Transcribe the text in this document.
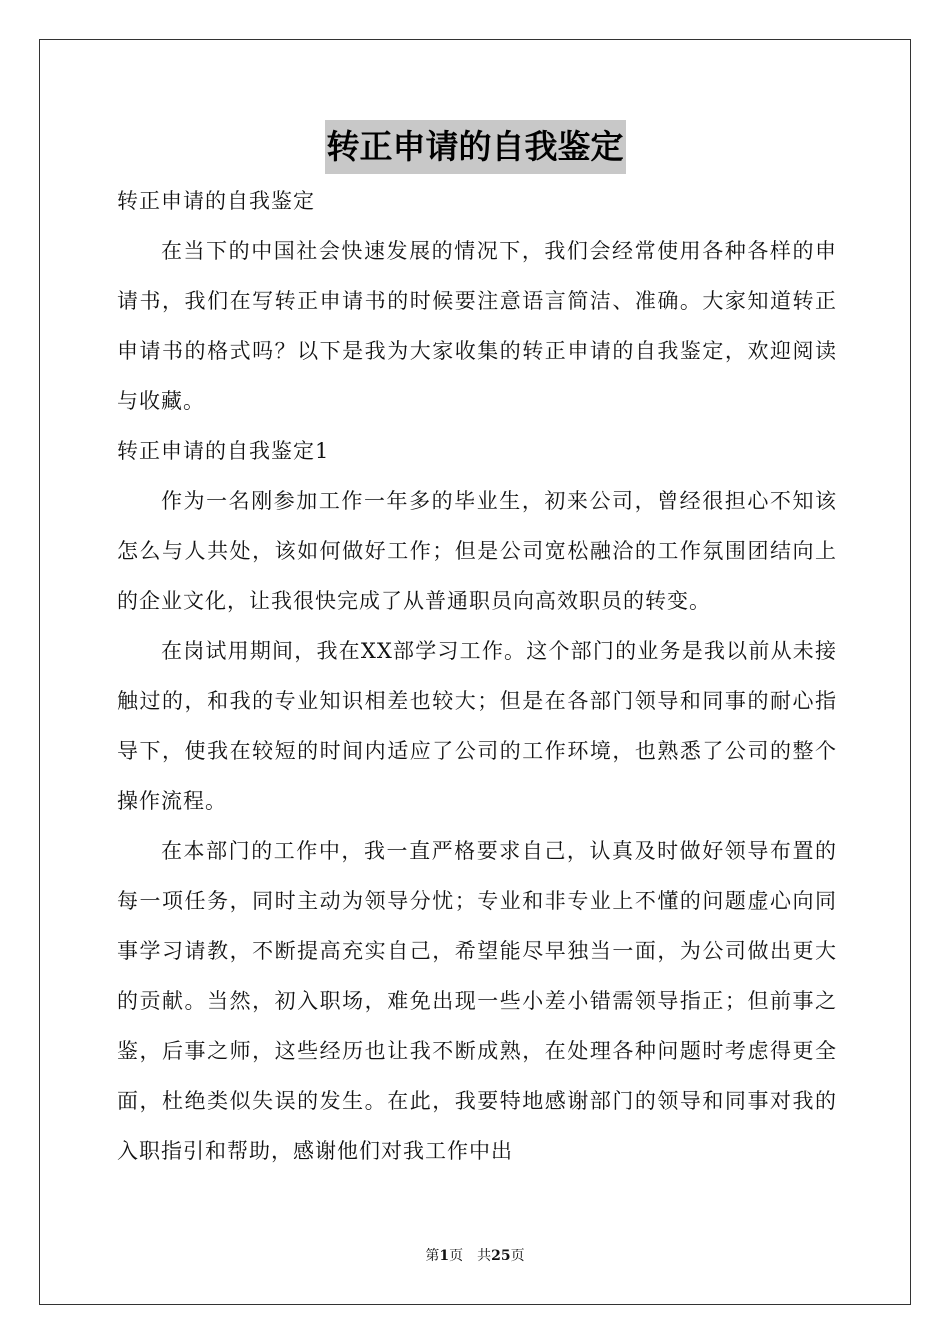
转正申请的自我鉴定

转正申请的自我鉴定

在当下的中国社会快速发展的情况下，我们会经常使用各种各样的申请书，我们在写转正申请书的时候要注意语言简洁、准确。大家知道转正申请书的格式吗？以下是我为大家收集的转正申请的自我鉴定，欢迎阅读与收藏。

转正申请的自我鉴定1

作为一名刚参加工作一年多的毕业生，初来公司，曾经很担心不知该怎么与人共处，该如何做好工作；但是公司宽松融洽的工作氛围团结向上的企业文化，让我很快完成了从普通职员向高效职员的转变。

在岗试用期间，我在XX部学习工作。这个部门的业务是我以前从未接触过的，和我的专业知识相差也较大；但是在各部门领导和同事的耐心指导下，使我在较短的时间内适应了公司的工作环境，也熟悉了公司的整个操作流程。

在本部门的工作中，我一直严格要求自己，认真及时做好领导布置的每一项任务，同时主动为领导分忧；专业和非专业上不懂的问题虚心向同事学习请教，不断提高充实自己，希望能尽早独当一面，为公司做出更大的贡献。当然，初入职场，难免出现一些小差小错需领导指正；但前事之鉴，后事之师，这些经历也让我不断成熟，在处理各种问题时考虑得更全面，杜绝类似失误的发生。在此，我要特地感谢部门的领导和同事对我的入职指引和帮助，感谢他们对我工作中出

第1页 共25页
